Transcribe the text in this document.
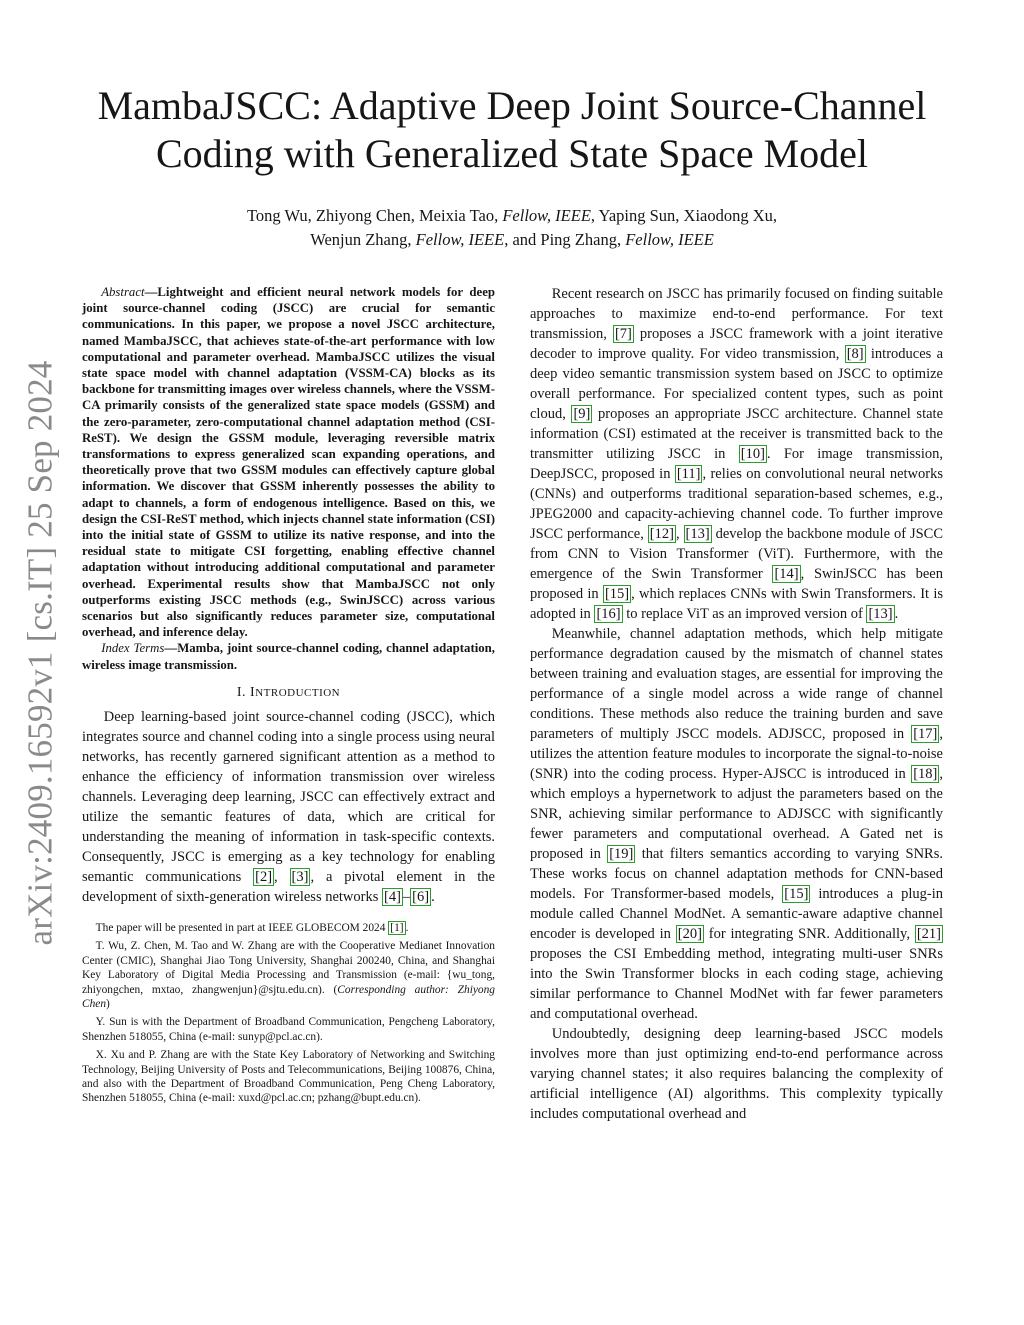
arXiv:2409.16592v1 [cs.IT] 25 Sep 2024
MambaJSCC: Adaptive Deep Joint Source-Channel
Coding with Generalized State Space Model
Tong Wu, Zhiyong Chen, Meixia Tao, Fellow, IEEE, Yaping Sun, Xiaodong Xu,
Wenjun Zhang, Fellow, IEEE, and Ping Zhang, Fellow, IEEE

Abstract—Lightweight and efficient neural network models for deep joint source-channel coding (JSCC) are crucial for semantic communications. In this paper, we propose a novel JSCC architecture, named MambaJSCC, that achieves state-of-the-art performance with low computational and parameter overhead. MambaJSCC utilizes the visual state space model with channel adaptation (VSSM-CA) blocks as its backbone for transmitting images over wireless channels, where the VSSM-CA primarily consists of the generalized state space models (GSSM) and the zero-parameter, zero-computational channel adaptation method (CSI-ReST). We design the GSSM module, leveraging reversible matrix transformations to express generalized scan expanding operations, and theoretically prove that two GSSM modules can effectively capture global information. We discover that GSSM inherently possesses the ability to adapt to channels, a form of endogenous intelligence. Based on this, we design the CSI-ReST method, which injects channel state information (CSI) into the initial state of GSSM to utilize its native response, and into the residual state to mitigate CSI forgetting, enabling effective channel adaptation without introducing additional computational and parameter overhead. Experimental results show that MambaJSCC not only outperforms existing JSCC methods (e.g., SwinJSCC) across various scenarios but also significantly reduces parameter size, computational overhead, and inference delay.

Index Terms—Mamba, joint source-channel coding, channel adaptation, wireless image transmission.

I. INTRODUCTION

Deep learning-based joint source-channel coding (JSCC), which integrates source and channel coding into a single process using neural networks, has recently garnered significant attention as a method to enhance the efficiency of information transmission over wireless channels. Leveraging deep learning, JSCC can effectively extract and utilize the semantic features of data, which are critical for understanding the meaning of information in task-specific contexts. Consequently, JSCC is emerging as a key technology for enabling semantic communications [2] , [3] , a pivotal element in the development of sixth-generation wireless networks [4] – [6] .

The paper will be presented in part at IEEE GLOBECOM 2024 [1] .

T. Wu, Z. Chen, M. Tao and W. Zhang are with the Cooperative Medianet Innovation Center (CMIC), Shanghai Jiao Tong University, Shanghai 200240, China, and Shanghai Key Laboratory of Digital Media Processing and Transmission (e-mail: {wu_tong, zhiyongchen, mxtao, zhangwenjun}@sjtu.edu.cn). (Corresponding author: Zhiyong Chen)

Y. Sun is with the Department of Broadband Communication, Pengcheng Laboratory, Shenzhen 518055, China (e-mail: sunyp@pcl.ac.cn).

X. Xu and P. Zhang are with the State Key Laboratory of Networking and Switching Technology, Beijing University of Posts and Telecommunications, Beijing 100876, China, and also with the Department of Broadband Communication, Peng Cheng Laboratory, Shenzhen 518055, China (e-mail: xuxd@pcl.ac.cn; pzhang@bupt.edu.cn).

Recent research on JSCC has primarily focused on finding suitable approaches to maximize end-to-end performance. For text transmission, [7] proposes a JSCC framework with a joint iterative decoder to improve quality. For video transmission, [8] introduces a deep video semantic transmission system based on JSCC to optimize overall performance. For specialized content types, such as point cloud, [9] proposes an appropriate JSCC architecture. Channel state information (CSI) estimated at the receiver is transmitted back to the transmitter utilizing JSCC in [10] . For image transmission, DeepJSCC, proposed in [11] , relies on convolutional neural networks (CNNs) and outperforms traditional separation-based schemes, e.g., JPEG2000 and capacity-achieving channel code. To further improve JSCC performance, [12] , [13] develop the backbone module of JSCC from CNN to Vision Transformer (ViT). Furthermore, with the emergence of the Swin Transformer [14] , SwinJSCC has been proposed in [15] , which replaces CNNs with Swin Transformers. It is adopted in [16] to replace ViT as an improved version of [13] .

Meanwhile, channel adaptation methods, which help mitigate performance degradation caused by the mismatch of channel states between training and evaluation stages, are essential for improving the performance of a single model across a wide range of channel conditions. These methods also reduce the training burden and save parameters of multiply JSCC models. ADJSCC, proposed in [17] , utilizes the attention feature modules to incorporate the signal-to-noise (SNR) into the coding process. Hyper-AJSCC is introduced in [18] , which employs a hypernetwork to adjust the parameters based on the SNR, achieving similar performance to ADJSCC with significantly fewer parameters and computational overhead. A Gated net is proposed in [19] that filters semantics according to varying SNRs. These works focus on channel adaptation methods for CNN-based models. For Transformer-based models, [15] introduces a plug-in module called Channel ModNet. A semantic-aware adaptive channel encoder is developed in [20] for integrating SNR. Additionally, [21] proposes the CSI Embedding method, integrating multi-user SNRs into the Swin Transformer blocks in each coding stage, achieving similar performance to Channel ModNet with far fewer parameters and computational overhead.

Undoubtedly, designing deep learning-based JSCC models involves more than just optimizing end-to-end performance across varying channel states; it also requires balancing the complexity of artificial intelligence (AI) algorithms. This complexity typically includes computational overhead and
